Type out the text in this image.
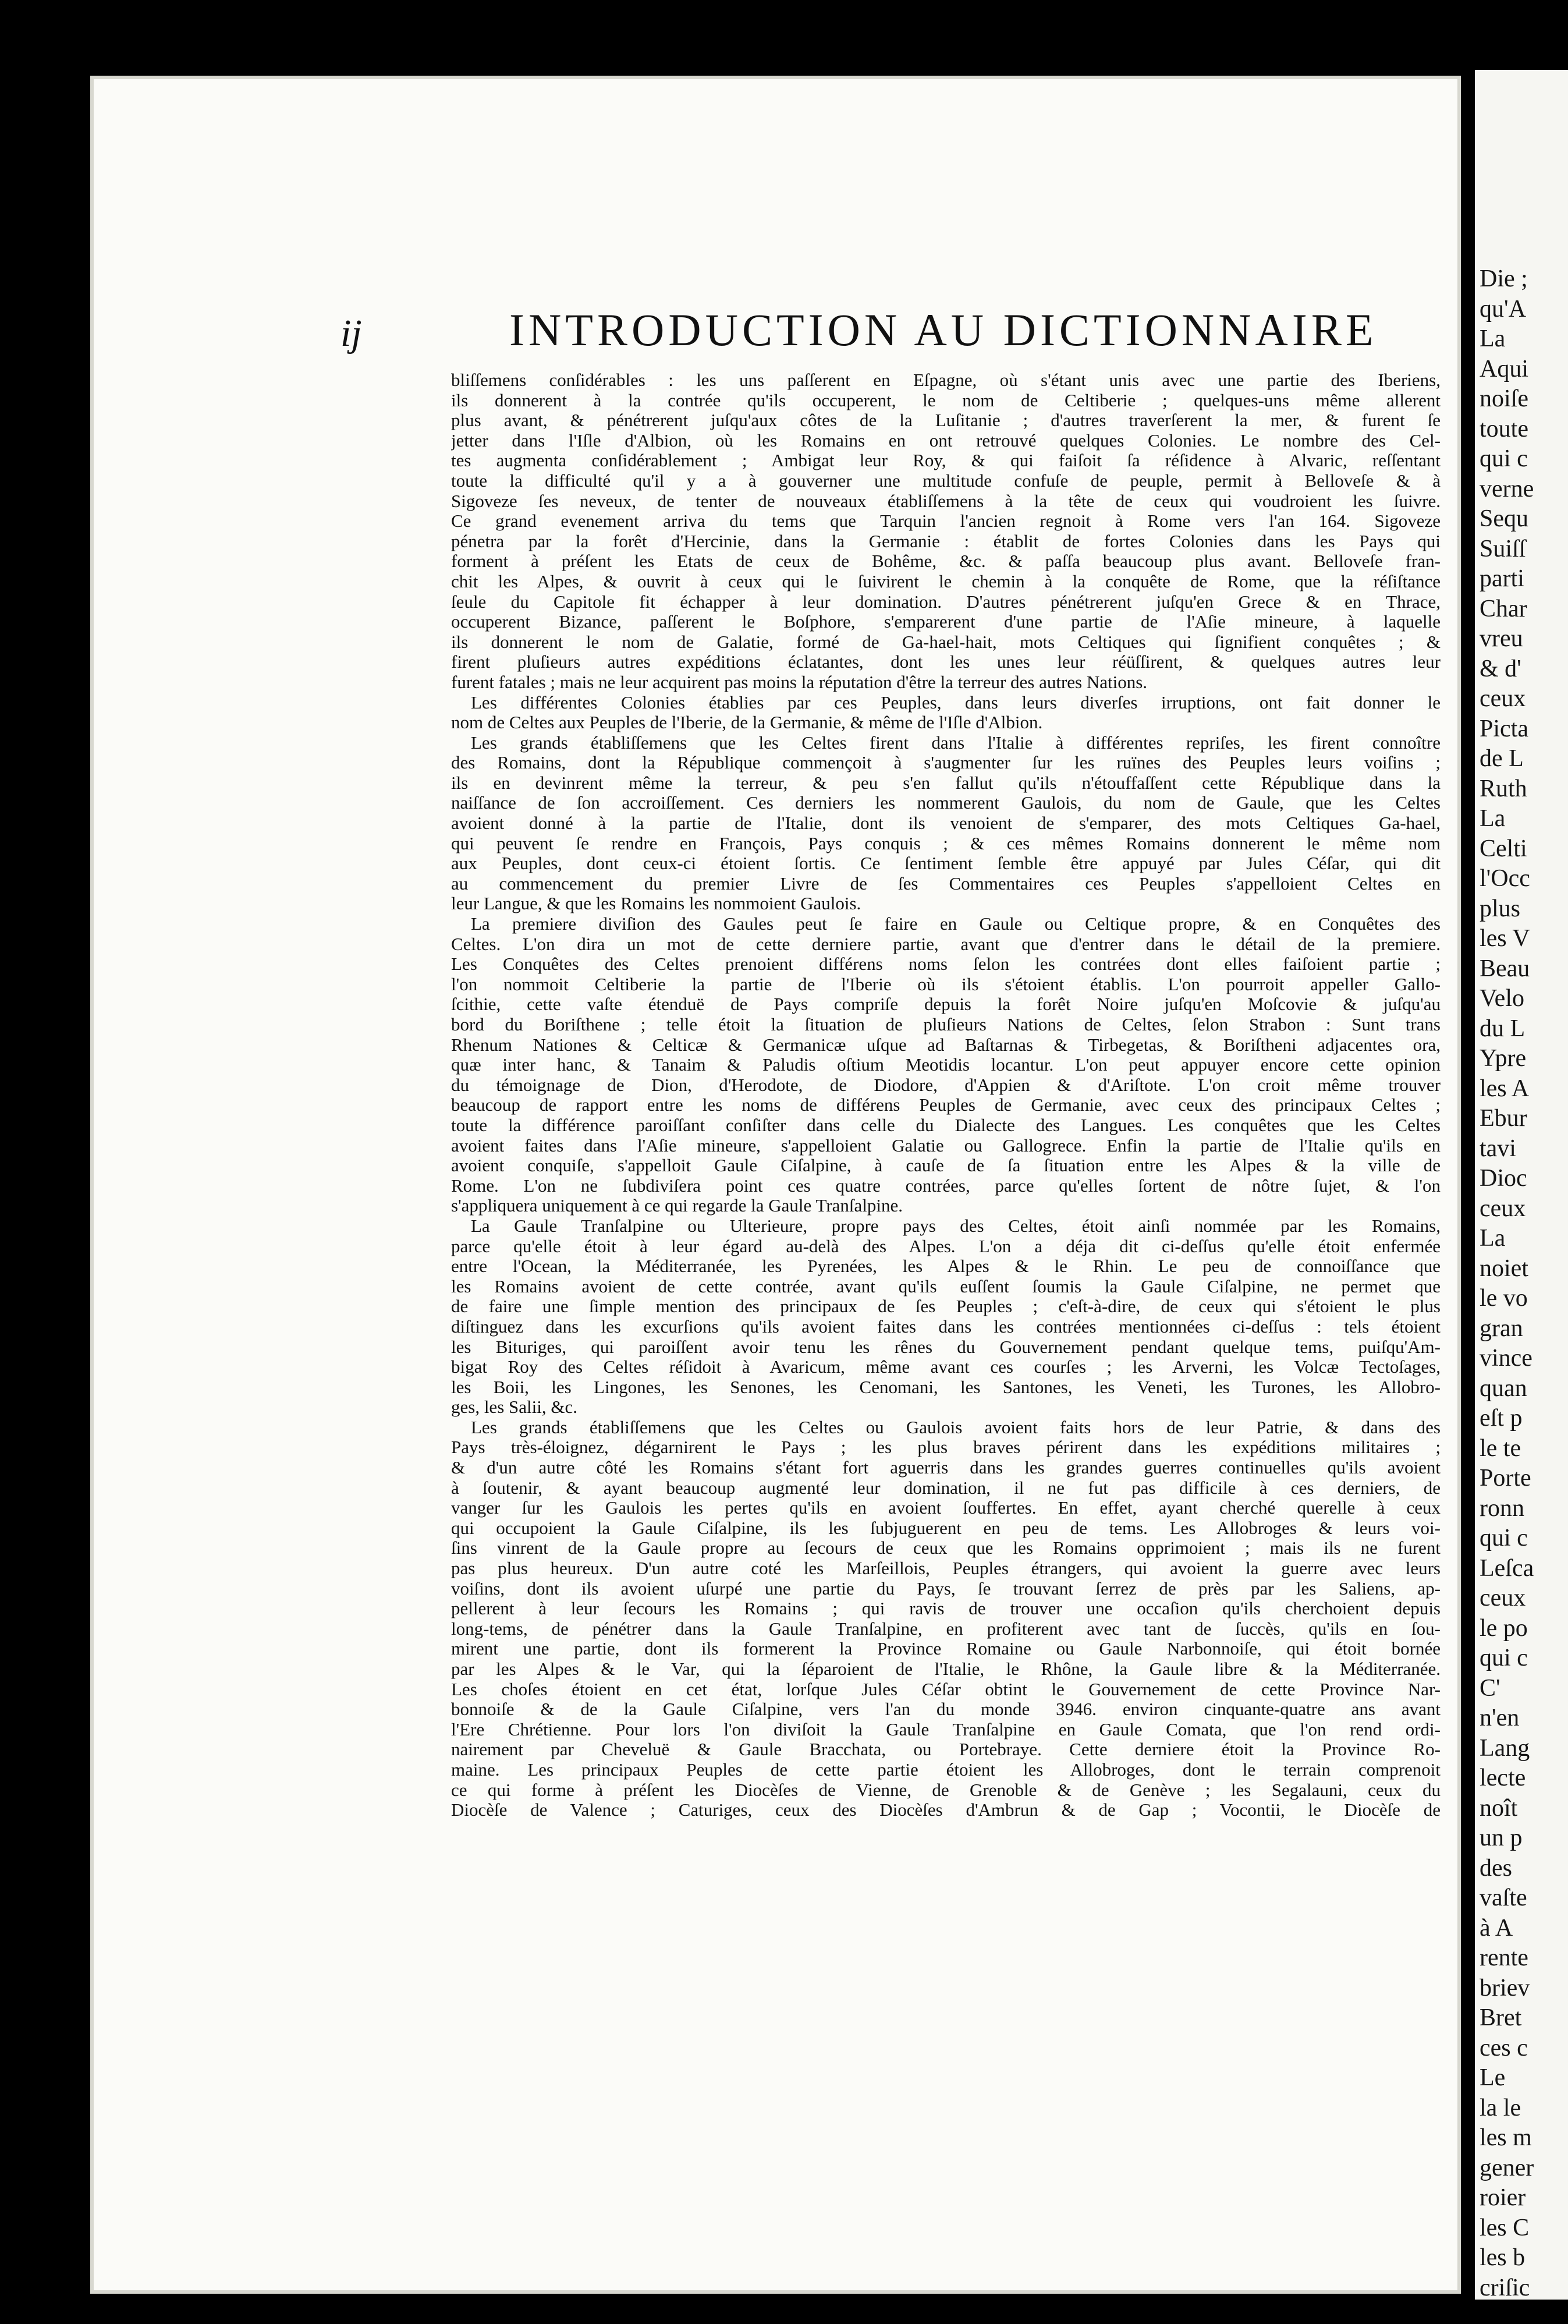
ij	INTRODUCTION AU DICTIONNAIRE
bliſſemens conſidérables : les uns paſſerent en Eſpagne, où s'étant unis avec une partie des Iberiens,
ils donnerent à la contrée qu'ils occuperent, le nom de Celtiberie ; quelques-uns même allerent
plus avant, & pénétrerent juſqu'aux côtes de la Luſitanie ; d'autres traverſerent la mer, & furent ſe
jetter dans l'Iſle d'Albion, où les Romains en ont retrouvé quelques Colonies. Le nombre des Cel-
tes augmenta conſidérablement ; Ambigat leur Roy, & qui faiſoit ſa réſidence à Alvaric, reſſentant
toute la difficulté qu'il y a à gouverner une multitude confuſe de peuple, permit à Belloveſe & à
Sigoveze ſes neveux, de tenter de nouveaux établiſſemens à la tête de ceux qui voudroient les ſuivre.
Ce grand evenement arriva du tems que Tarquin l'ancien regnoit à Rome vers l'an 164. Sigoveze
pénetra par la forêt d'Hercinie, dans la Germanie : établit de fortes Colonies dans les Pays qui
forment à préſent les Etats de ceux de Bohême, &c. & paſſa beaucoup plus avant. Belloveſe fran-
chit les Alpes, & ouvrit à ceux qui le ſuivirent le chemin à la conquête de Rome, que la réſiſtance
ſeule du Capitole fit échapper à leur domination. D'autres pénétrerent juſqu'en Grece & en Thrace,
occuperent Bizance, paſſerent le Boſphore, s'emparerent d'une partie de l'Aſie mineure, à laquelle
ils donnerent le nom de Galatie, formé de Ga-hael-hait, mots Celtiques qui ſignifient conquêtes ; &
firent pluſieurs autres expéditions éclatantes, dont les unes leur réüſſirent, & quelques autres leur
furent fatales ; mais ne leur acquirent pas moins la réputation d'être la terreur des autres Nations.
Les différentes Colonies établies par ces Peuples, dans leurs diverſes irruptions, ont fait donner le
nom de Celtes aux Peuples de l'Iberie, de la Germanie, & même de l'Iſle d'Albion.
Les grands établiſſemens que les Celtes firent dans l'Italie à différentes repriſes, les firent connoître
des Romains, dont la République commençoit à s'augmenter ſur les ruïnes des Peuples leurs voiſins ;
ils en devinrent même la terreur, & peu s'en fallut qu'ils n'étouffaſſent cette République dans la
naiſſance de ſon accroiſſement. Ces derniers les nommerent Gaulois, du nom de Gaule, que les Celtes
avoient donné à la partie de l'Italie, dont ils venoient de s'emparer, des mots Celtiques Ga-hael,
qui peuvent ſe rendre en François, Pays conquis ; & ces mêmes Romains donnerent le même nom
aux Peuples, dont ceux-ci étoient ſortis. Ce ſentiment ſemble être appuyé par Jules Céſar, qui dit
au commencement du premier Livre de ſes Commentaires ces Peuples s'appelloient Celtes en
leur Langue, & que les Romains les nommoient Gaulois.
La premiere diviſion des Gaules peut ſe faire en Gaule ou Celtique propre, & en Conquêtes des
Celtes. L'on dira un mot de cette derniere partie, avant que d'entrer dans le détail de la premiere.
Les Conquêtes des Celtes prenoient différens noms ſelon les contrées dont elles faiſoient partie ;
l'on nommoit Celtiberie la partie de l'Iberie où ils s'étoient établis. L'on pourroit appeller Gallo-
ſcithie, cette vaſte étenduë de Pays compriſe depuis la forêt Noire juſqu'en Moſcovie & juſqu'au
bord du Boriſthene ; telle étoit la ſituation de pluſieurs Nations de Celtes, ſelon Strabon : Sunt trans
Rhenum Nationes & Celticæ & Germanicæ uſque ad Baſtarnas & Tirbegetas, & Boriſtheni adjacentes ora,
quæ inter hanc, & Tanaim & Paludis oſtium Meotidis locantur. L'on peut appuyer encore cette opinion
du témoignage de Dion, d'Herodote, de Diodore, d'Appien & d'Ariſtote. L'on croit même trouver
beaucoup de rapport entre les noms de différens Peuples de Germanie, avec ceux des principaux Celtes ;
toute la différence paroiſſant conſiſter dans celle du Dialecte des Langues. Les conquêtes que les Celtes
avoient faites dans l'Aſie mineure, s'appelloient Galatie ou Gallogrece. Enfin la partie de l'Italie qu'ils en
avoient conquiſe, s'appelloit Gaule Ciſalpine, à cauſe de ſa ſituation entre les Alpes & la ville de
Rome. L'on ne ſubdiviſera point ces quatre contrées, parce qu'elles ſortent de nôtre ſujet, & l'on
s'appliquera uniquement à ce qui regarde la Gaule Tranſalpine.
La Gaule Tranſalpine ou Ulterieure, propre pays des Celtes, étoit ainſi nommée par les Romains,
parce qu'elle étoit à leur égard au-delà des Alpes. L'on a déja dit ci-deſſus qu'elle étoit enfermée
entre l'Ocean, la Méditerranée, les Pyrenées, les Alpes & le Rhin. Le peu de connoiſſance que
les Romains avoient de cette contrée, avant qu'ils euſſent ſoumis la Gaule Ciſalpine, ne permet que
de faire une ſimple mention des principaux de ſes Peuples ; c'eſt-à-dire, de ceux qui s'étoient le plus
diſtinguez dans les excurſions qu'ils avoient faites dans les contrées mentionnées ci-deſſus : tels étoient
les Bituriges, qui paroiſſent avoir tenu les rênes du Gouvernement pendant quelque tems, puiſqu'Am-
bigat Roy des Celtes réſidoit à Avaricum, même avant ces courſes ; les Arverni, les Volcæ Tectoſages,
les Boii, les Lingones, les Senones, les Cenomani, les Santones, les Veneti, les Turones, les Allobro-
ges, les Salii, &c.
Les grands établiſſemens que les Celtes ou Gaulois avoient faits hors de leur Patrie, & dans des
Pays très-éloignez, dégarnirent le Pays ; les plus braves périrent dans les expéditions militaires ;
& d'un autre côté les Romains s'étant fort aguerris dans les grandes guerres continuelles qu'ils avoient
à ſoutenir, & ayant beaucoup augmenté leur domination, il ne fut pas difficile à ces derniers, de
vanger ſur les Gaulois les pertes qu'ils en avoient ſouffertes. En effet, ayant cherché querelle à ceux
qui occupoient la Gaule Ciſalpine, ils les ſubjuguerent en peu de tems. Les Allobroges & leurs voi-
ſins vinrent de la Gaule propre au ſecours de ceux que les Romains opprimoient ; mais ils ne furent
pas plus heureux. D'un autre coté les Marſeillois, Peuples étrangers, qui avoient la guerre avec leurs
voiſins, dont ils avoient uſurpé une partie du Pays, ſe trouvant ſerrez de près par les Saliens, ap-
pellerent à leur ſecours les Romains ; qui ravis de trouver une occaſion qu'ils cherchoient depuis
long-tems, de pénétrer dans la Gaule Tranſalpine, en profiterent avec tant de ſuccès, qu'ils en ſou-
mirent une partie, dont ils formerent la Province Romaine ou Gaule Narbonnoiſe, qui étoit bornée
par les Alpes & le Var, qui la ſéparoient de l'Italie, le Rhône, la Gaule libre & la Méditerranée.
Les choſes étoient en cet état, lorſque Jules Céſar obtint le Gouvernement de cette Province Nar-
bonnoiſe & de la Gaule Ciſalpine, vers l'an du monde 3946. environ cinquante-quatre ans avant
l'Ere Chrétienne. Pour lors l'on diviſoit la Gaule Tranſalpine en Gaule Comata, que l'on rend ordi-
nairement par Cheveluë & Gaule Bracchata, ou Portebraye. Cette derniere étoit la Province Ro-
maine. Les principaux Peuples de cette partie étoient les Allobroges, dont le terrain comprenoit
ce qui forme à préſent les Diocèſes de Vienne, de Grenoble & de Genève ; les Segalauni, ceux du
Diocèſe de Valence ; Caturiges, ceux des Diocèſes d'Ambrun & de Gap ; Vocontii, le Diocèſe de
Die ;
qu'A
La
Aqui
noiſe
toute
qui c
verne
Sequ
Suiſſ
parti
Char
vreu
& d'
ceux
Picta
de L
Ruth
La
Celti
l'Occ
plus
les V
Beau
Velo
du L
Ypre
les A
Ebur
tavi
Dioc
ceux
La
noiet
le vo
gran
vince
quan
eſt p
le te
Porte
ronn
qui c
Leſca
ceux
le po
qui c
C'
n'en
Lang
lecte
noît
un p
des
vaſte
à A
rente
briev
Bret
ces c
Le
la le
les m
gener
roier
les C
les b
criſic
